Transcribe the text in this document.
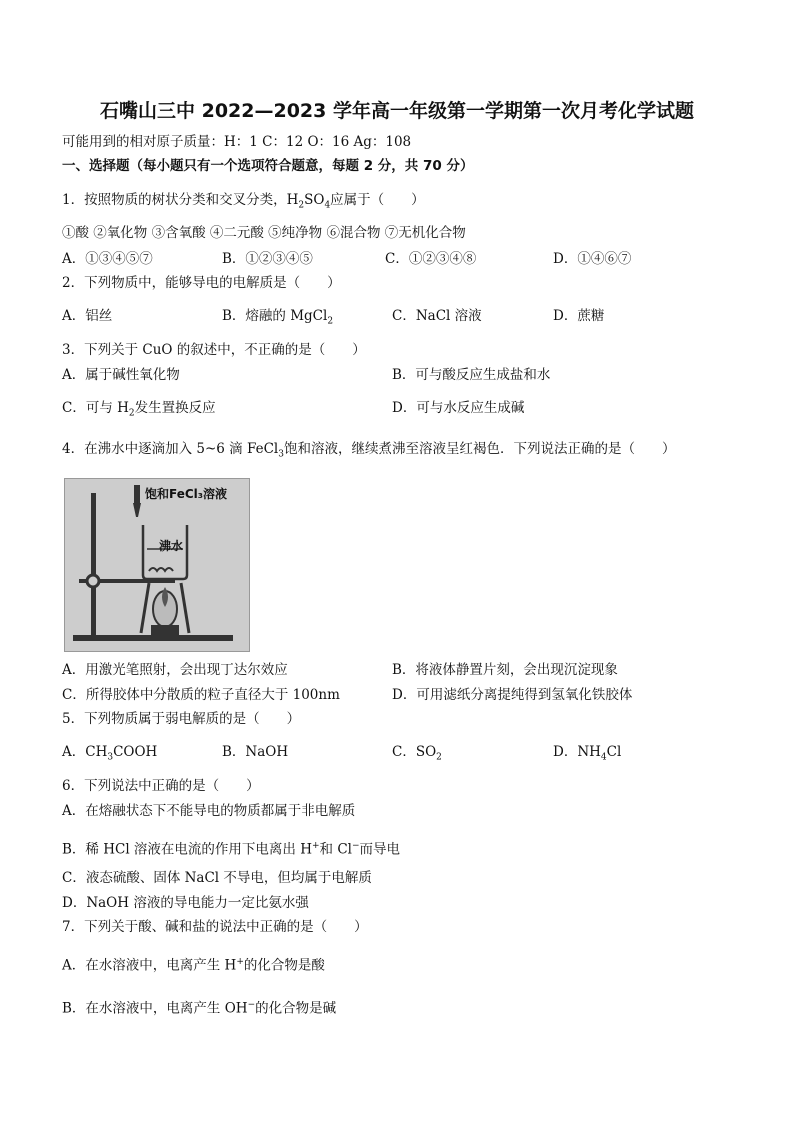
石嘴山三中 2022—2023 学年高一年级第一学期第一次月考化学试题
可能用到的相对原子质量：H：1 C：12 O：16 Ag：108
一、选择题（每小题只有一个选项符合题意，每题 2 分，共 70 分）
1．按照物质的树状分类和交叉分类，$H_2SO_4$应属于（　　）
①酸 ②氧化物 ③含氧酸 ④二元酸 ⑤纯净物 ⑥混合物 ⑦无机化合物
A．①③④⑤⑦	B．①②③④⑤	C．①②③④⑧	D．①④⑥⑦
2．下列物质中，能够导电的电解质是（　　）
A．铝丝	B．熔融的 MgCl$_2$	C．NaCl 溶液	D．蔗糖
3．下列关于 CuO 的叙述中，不正确的是（　　）
A．属于碱性氧化物	B．可与酸反应生成盐和水
C．可与 $H_2$发生置换反应	D．可与水反应生成碱
4．在沸水中逐滴加入 5~6 滴 FeCl$_3$饱和溶液，继续煮沸至溶液呈红褐色．下列说法正确的是（　　）
饱和FeCl₃溶液
沸水
A．用激光笔照射，会出现丁达尔效应	B．将液体静置片刻，会出现沉淀现象
C．所得胶体中分散质的粒子直径大于 100nm	D．可用滤纸分离提纯得到氢氧化铁胶体
5．下列物质属于弱电解质的是（　　）
A．$CH_3COOH$	B．NaOH	C．$SO_2$	D．$NH_4Cl$
6．下列说法中正确的是（　　）
A．在熔融状态下不能导电的物质都属于非电解质
B．稀 HCl 溶液在电流的作用下电离出 H+和 Cl−而导电
C．液态硫酸、固体 NaCl 不导电，但均属于电解质
D．NaOH 溶液的导电能力一定比氨水强
7．下列关于酸、碱和盐的说法中正确的是（　　）
A．在水溶液中，电离产生 H+的化合物是酸
B．在水溶液中，电离产生 OH−的化合物是碱
